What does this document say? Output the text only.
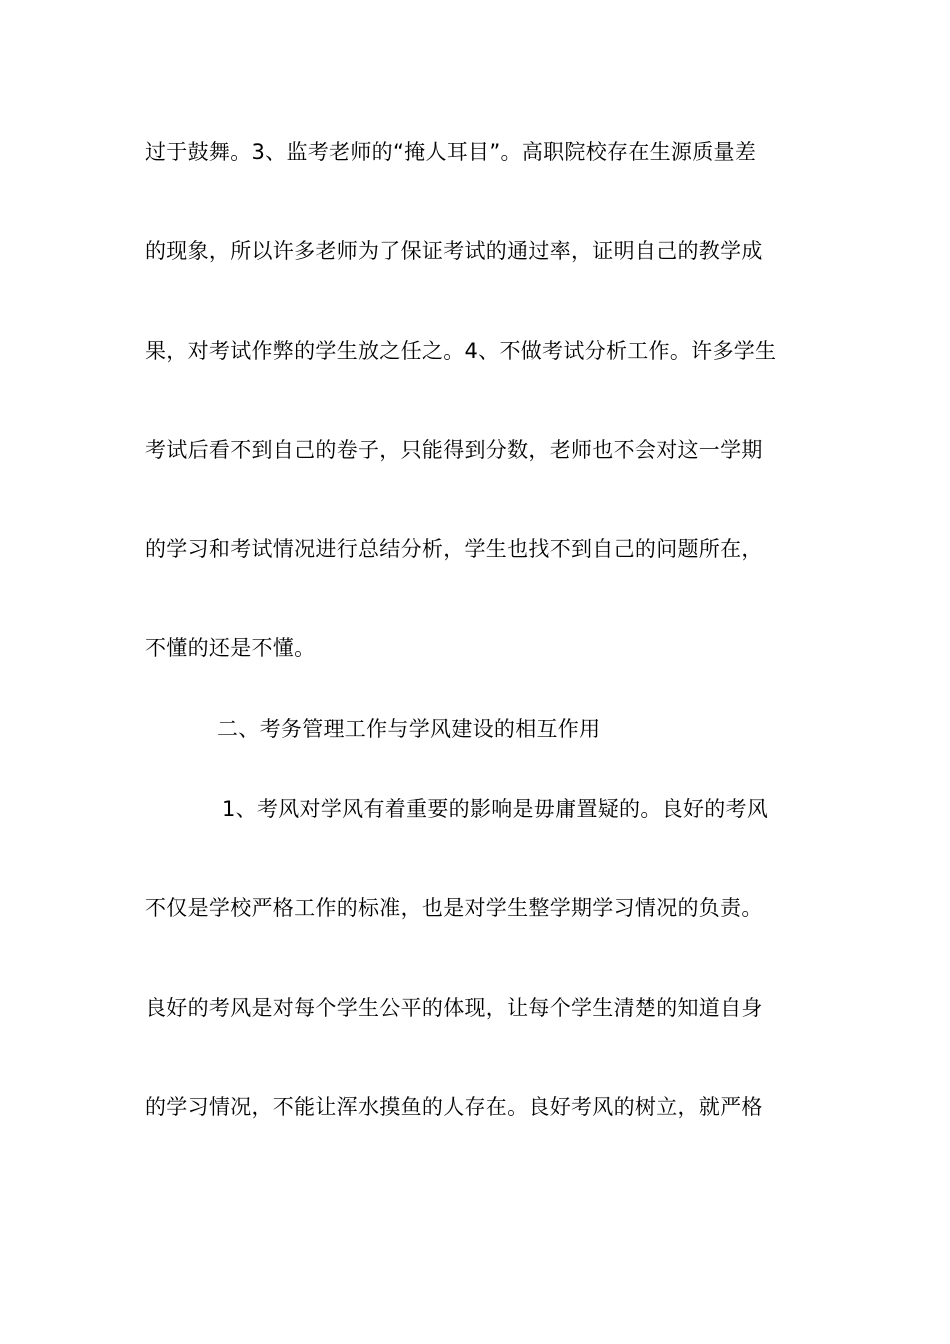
过于鼓舞。3、监考老师的“掩人耳目”。高职院校存在生源质量差
的现象，所以许多老师为了保证考试的通过率，证明自己的教学成
果，对考试作弊的学生放之任之。4、不做考试分析工作。许多学生
考试后看不到自己的卷子，只能得到分数，老师也不会对这一学期
的学习和考试情况进行总结分析，学生也找不到自己的问题所在，
不懂的还是不懂。
二、考务管理工作与学风建设的相互作用
1、考风对学风有着重要的影响是毋庸置疑的。良好的考风
不仅是学校严格工作的标准，也是对学生整学期学习情况的负责。
良好的考风是对每个学生公平的体现，让每个学生清楚的知道自身
的学习情况，不能让浑水摸鱼的人存在。良好考风的树立，就严格
